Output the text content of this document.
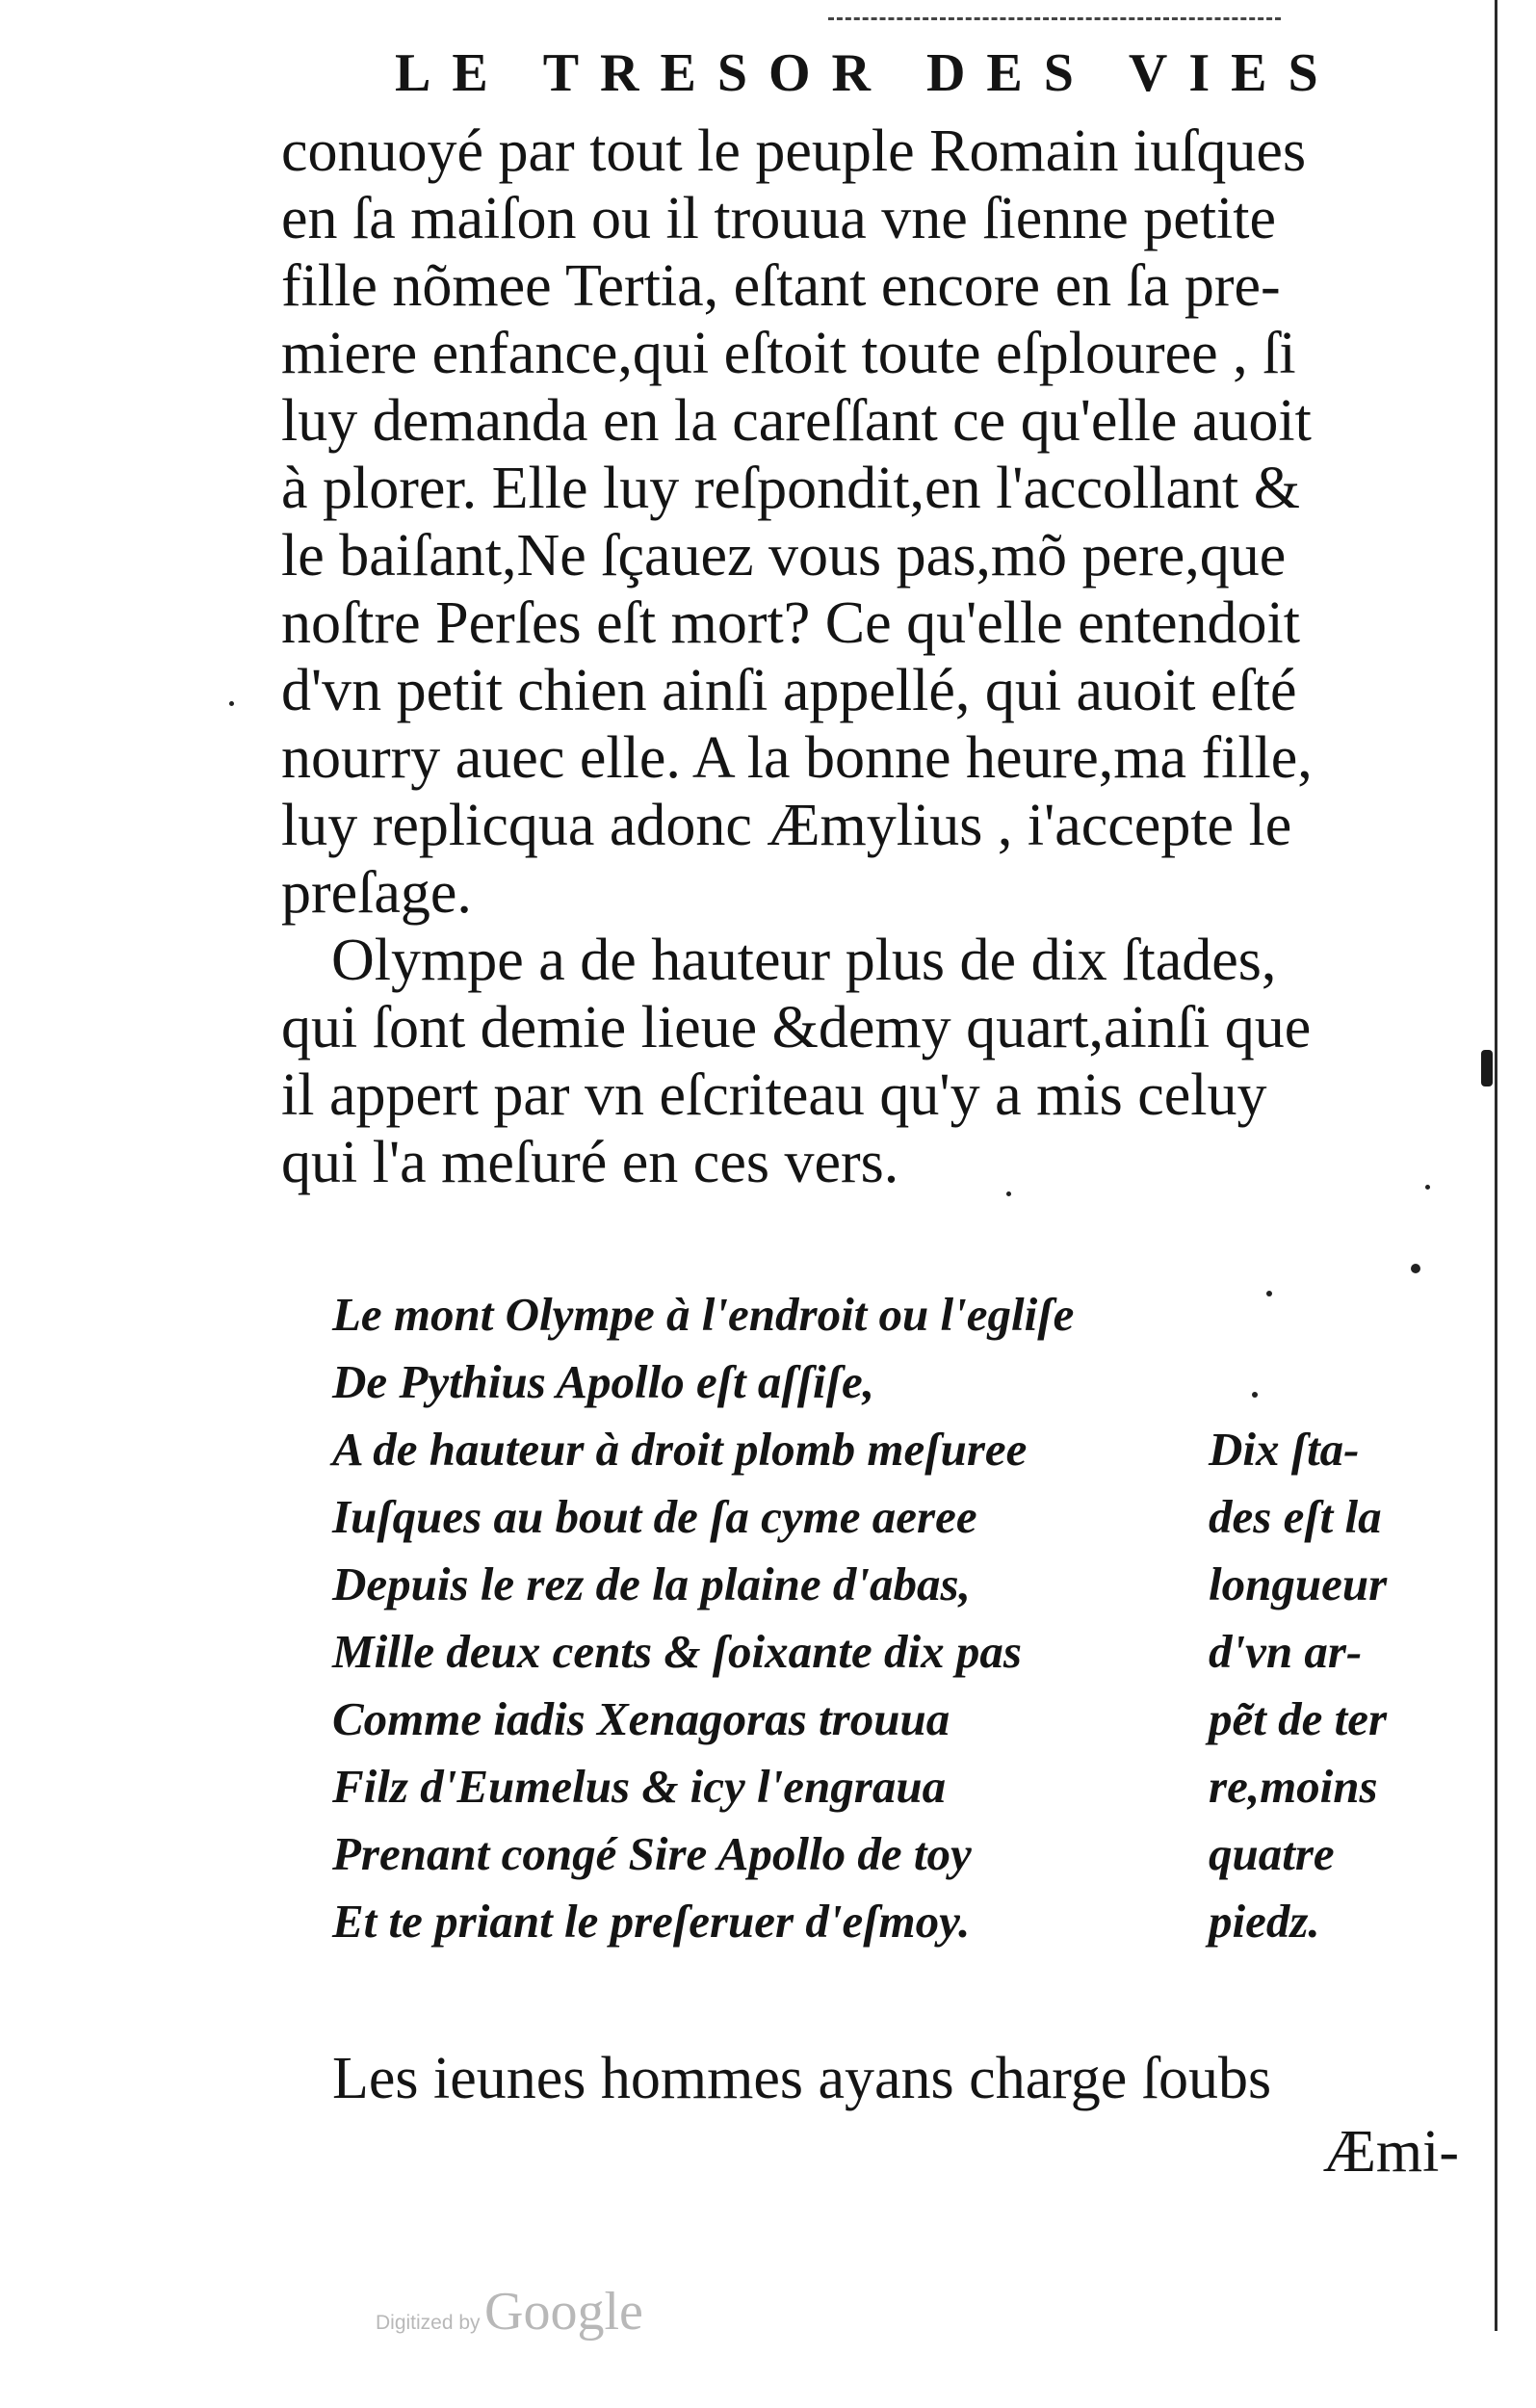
LE TRESOR DES VIES
conuoyé par tout le peuple Romain iuſques
en ſa maiſon ou il trouua vne ſienne petite
fille nõmee Tertia, eſtant encore en ſa pre-
miere enfance,qui eſtoit toute eſplouree , ſi
luy demanda en la careſſant ce qu'elle auoit
à plorer. Elle luy reſpondit,en l'accollant &
le baiſant,Ne ſçauez vous pas,mõ pere,que
noſtre Perſes eſt mort? Ce qu'elle entendoit
d'vn petit chien ainſi appellé, qui auoit eſté
nourry auec elle. A la bonne heure,ma fille,
luy replicqua adonc Æmylius , i'accepte le
preſage.
Olympe a de hauteur plus de dix ſtades,
qui ſont demie lieue &demy quart,ainſi que
il appert par vn eſcriteau qu'y a mis celuy
qui l'a meſuré en ces vers.
Le mont Olympe à l'endroit ou l'egliſe
De Pythius Apollo eſt aſſiſe,
A de hauteur à droit plomb meſuree
Iuſques au bout de ſa cyme aeree
Depuis le rez de la plaine d'abas,
Mille deux cents & ſoixante dix pas
Comme iadis Xenagoras trouua
Filz d'Eumelus & icy l'engraua
Prenant congé Sire Apollo de toy
Et te priant le preſeruer d'eſmoy.
Dix ſta-
des eſt la
longueur
d'vn ar-
pẽt de ter
re,moins
quatre
piedz.
Les ieunes hommes ayans charge ſoubs
Æmi-
Digitized by Google
